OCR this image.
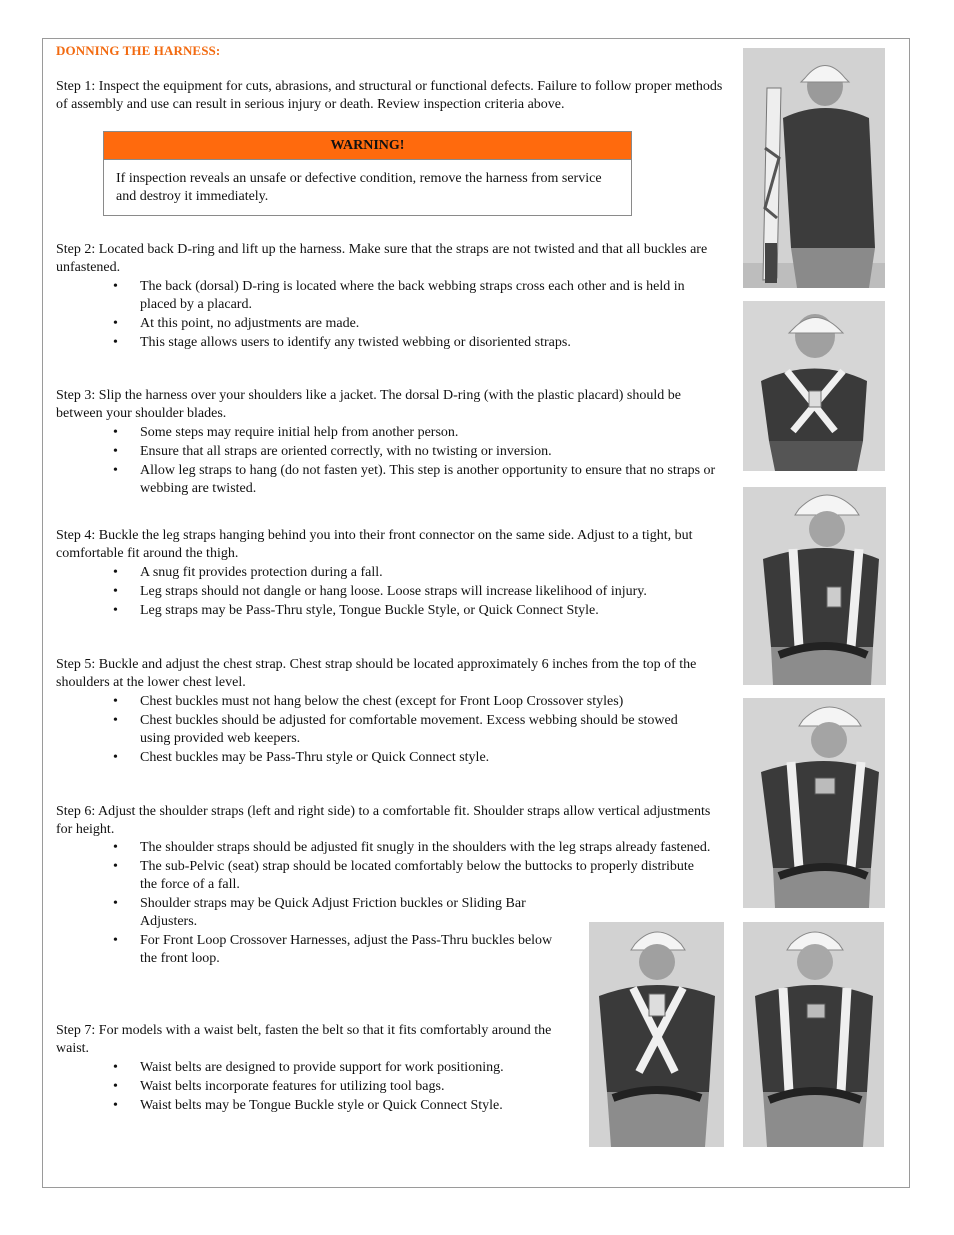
DONNING THE HARNESS:

Step 1: Inspect the equipment for cuts, abrasions, and structural or functional defects. Failure to follow proper methods of assembly and use can result in serious injury or death. Review inspection criteria above.

WARNING!
If inspection reveals an unsafe or defective condition, remove the harness from service and destroy it immediately.

Step 2: Located back D-ring and lift up the harness. Make sure that the straps are not twisted and that all buckles are unfastened.

• The back (dorsal) D-ring is located where the back webbing straps cross each other and is held in placed by a placard.
• At this point, no adjustments are made.
• This stage allows users to identify any twisted webbing or disoriented straps.

Step 3: Slip the harness over your shoulders like a jacket. The dorsal D-ring (with the plastic placard) should be between your shoulder blades.

• Some steps may require initial help from another person.
• Ensure that all straps are oriented correctly, with no twisting or inversion.
• Allow leg straps to hang (do not fasten yet). This step is another opportunity to ensure that no straps or webbing are twisted.

Step 4: Buckle the leg straps hanging behind you into their front connector on the same side. Adjust to a tight, but comfortable fit around the thigh.

• A snug fit provides protection during a fall.
• Leg straps should not dangle or hang loose. Loose straps will increase likelihood of injury.
• Leg straps may be Pass-Thru style, Tongue Buckle Style, or Quick Connect Style.

Step 5: Buckle and adjust the chest strap. Chest strap should be located approximately 6 inches from the top of the shoulders at the lower chest level.

• Chest buckles must not hang below the chest (except for Front Loop Crossover styles)
• Chest buckles should be adjusted for comfortable movement. Excess webbing should be stowed using provided web keepers.
• Chest buckles may be Pass-Thru style or Quick Connect style.

Step 6: Adjust the shoulder straps (left and right side) to a comfortable fit. Shoulder straps allow vertical adjustments for height.

• The shoulder straps should be adjusted fit snugly in the shoulders with the leg straps already fastened.
• The sub-Pelvic (seat) strap should be located comfortably below the buttocks to properly distribute the force of a fall.
• Shoulder straps may be Quick Adjust Friction buckles or Sliding Bar Adjusters.
• For Front Loop Crossover Harnesses, adjust the Pass-Thru buckles below the front loop.

Step 7: For models with a waist belt, fasten the belt so that it fits comfortably around the waist.

• Waist belts are designed to provide support for work positioning.
• Waist belts incorporate features for utilizing tool bags.
• Waist belts may be Tongue Buckle style or Quick Connect Style.
